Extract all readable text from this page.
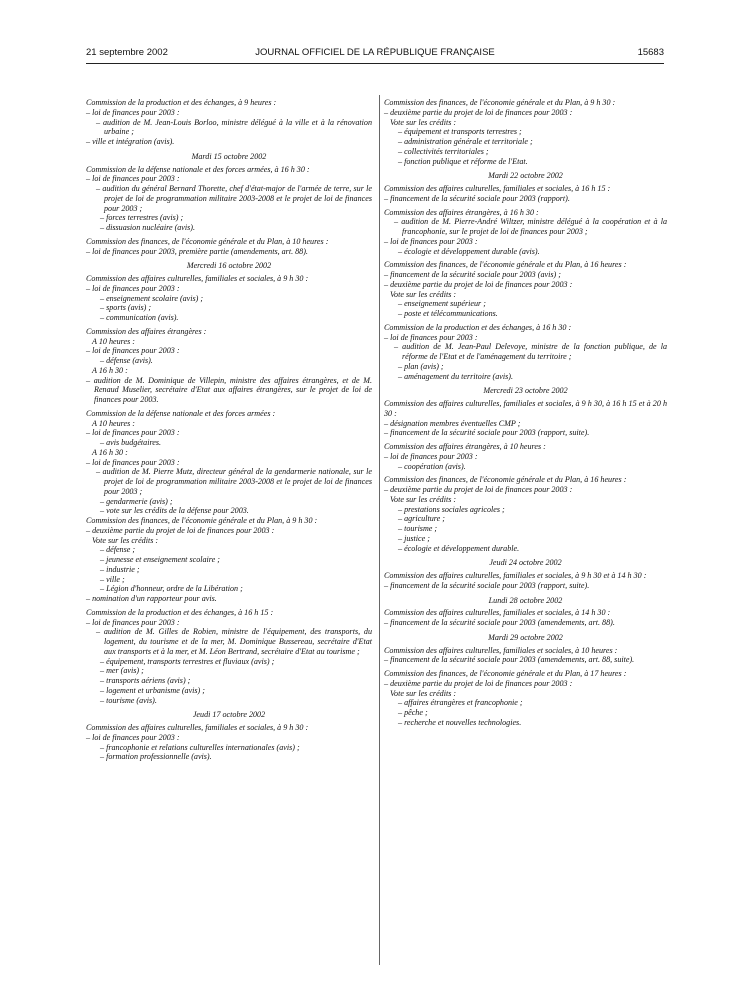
21 septembre 2002	JOURNAL OFFICIEL DE LA RÉPUBLIQUE FRANÇAISE	15683
Commission de la production et des échanges, à 9 heures :
– loi de finances pour 2003 :
– audition de M. Jean-Louis Borloo, ministre délégué à la ville et à la rénovation urbaine ;
– ville et intégration (avis).
Mardi 15 octobre 2002
Commission de la défense nationale et des forces armées, à 16 h 30 :
– loi de finances pour 2003 :
– audition du général Bernard Thorette, chef d'état-major de l'armée de terre, sur le projet de loi de programmation militaire 2003-2008 et le projet de loi de finances pour 2003 ;
– forces terrestres (avis) ;
– dissuasion nucléaire (avis).
Commission des finances, de l'économie générale et du Plan, à 10 heures :
– loi de finances pour 2003, première partie (amendements, art. 88).
Mercredi 16 octobre 2002
Commission des affaires culturelles, familiales et sociales, à 9 h 30 :
– loi de finances pour 2003 :
– enseignement scolaire (avis) ;
– sports (avis) ;
– communication (avis).
Commission des affaires étrangères :
A 10 heures :
– loi de finances pour 2003 :
– défense (avis).
A 16 h 30 :
– audition de M. Dominique de Villepin, ministre des affaires étrangères, et de M. Renaud Muselier, secrétaire d'Etat aux affaires étrangères, sur le projet de loi de finances pour 2003.
Commission de la défense nationale et des forces armées :
A 10 heures :
– loi de finances pour 2003 :
– avis budgétaires.
A 16 h 30 :
– loi de finances pour 2003 :
– audition de M. Pierre Mutz, directeur général de la gendarmerie nationale, sur le projet de loi de programmation militaire 2003-2008 et le projet de loi de finances pour 2003 ;
– gendarmerie (avis) ;
– vote sur les crédits de la défense pour 2003.
Commission des finances, de l'économie générale et du Plan, à 9 h 30 :
– deuxième partie du projet de loi de finances pour 2003 :
Vote sur les crédits :
– défense ;
– jeunesse et enseignement scolaire ;
– industrie ;
– ville ;
– Légion d'honneur, ordre de la Libération ;
– nomination d'un rapporteur pour avis.
Commission de la production et des échanges, à 16 h 15 :
– loi de finances pour 2003 :
– audition de M. Gilles de Robien, ministre de l'équipement, des transports, du logement, du tourisme et de la mer, M. Dominique Bussereau, secrétaire d'Etat aux transports et à la mer, et M. Léon Bertrand, secrétaire d'Etat au tourisme ;
– équipement, transports terrestres et fluviaux (avis) ;
– mer (avis) ;
– transports aériens (avis) ;
– logement et urbanisme (avis) ;
– tourisme (avis).
Jeudi 17 octobre 2002
Commission des affaires culturelles, familiales et sociales, à 9 h 30 :
– loi de finances pour 2003 :
– francophonie et relations culturelles internationales (avis) ;
– formation professionnelle (avis).
Commission des finances, de l'économie générale et du Plan, à 9 h 30 :
– deuxième partie du projet de loi de finances pour 2003 :
Vote sur les crédits :
– équipement et transports terrestres ;
– administration générale et territoriale ;
– collectivités territoriales ;
– fonction publique et réforme de l'Etat.
Mardi 22 octobre 2002
Commission des affaires culturelles, familiales et sociales, à 16 h 15 :
– financement de la sécurité sociale pour 2003 (rapport).
Commission des affaires étrangères, à 16 h 30 :
– audition de M. Pierre-André Wiltzer, ministre délégué à la coopération et à la francophonie, sur le projet de loi de finances pour 2003 ;
– loi de finances pour 2003 :
– écologie et développement durable (avis).
Commission des finances, de l'économie générale et du Plan, à 16 heures :
– financement de la sécurité sociale pour 2003 (avis) ;
– deuxième partie du projet de loi de finances pour 2003 :
Vote sur les crédits :
– enseignement supérieur ;
– poste et télécommunications.
Commission de la production et des échanges, à 16 h 30 :
– loi de finances pour 2003 :
– audition de M. Jean-Paul Delevoye, ministre de la fonction publique, de la réforme de l'Etat et de l'aménagement du territoire ;
– plan (avis) ;
– aménagement du territoire (avis).
Mercredi 23 octobre 2002
Commission des affaires culturelles, familiales et sociales, à 9 h 30, à 16 h 15 et à 20 h 30 :
– désignation membres éventuelles CMP ;
– financement de la sécurité sociale pour 2003 (rapport, suite).
Commission des affaires étrangères, à 10 heures :
– loi de finances pour 2003 :
– coopération (avis).
Commission des finances, de l'économie générale et du Plan, à 16 heures :
– deuxième partie du projet de loi de finances pour 2003 :
Vote sur les crédits :
– prestations sociales agricoles ;
– agriculture ;
– tourisme ;
– justice ;
– écologie et développement durable.
Jeudi 24 octobre 2002
Commission des affaires culturelles, familiales et sociales, à 9 h 30 et à 14 h 30 :
– financement de la sécurité sociale pour 2003 (rapport, suite).
Lundi 28 octobre 2002
Commission des affaires culturelles, familiales et sociales, à 14 h 30 :
– financement de la sécurité sociale pour 2003 (amendements, art. 88).
Mardi 29 octobre 2002
Commission des affaires culturelles, familiales et sociales, à 10 heures :
– financement de la sécurité sociale pour 2003 (amendements, art. 88, suite).
Commission des finances, de l'économie générale et du Plan, à 17 heures :
– deuxième partie du projet de loi de finances pour 2003 :
Vote sur les crédits :
– affaires étrangères et francophonie ;
– pêche ;
– recherche et nouvelles technologies.
